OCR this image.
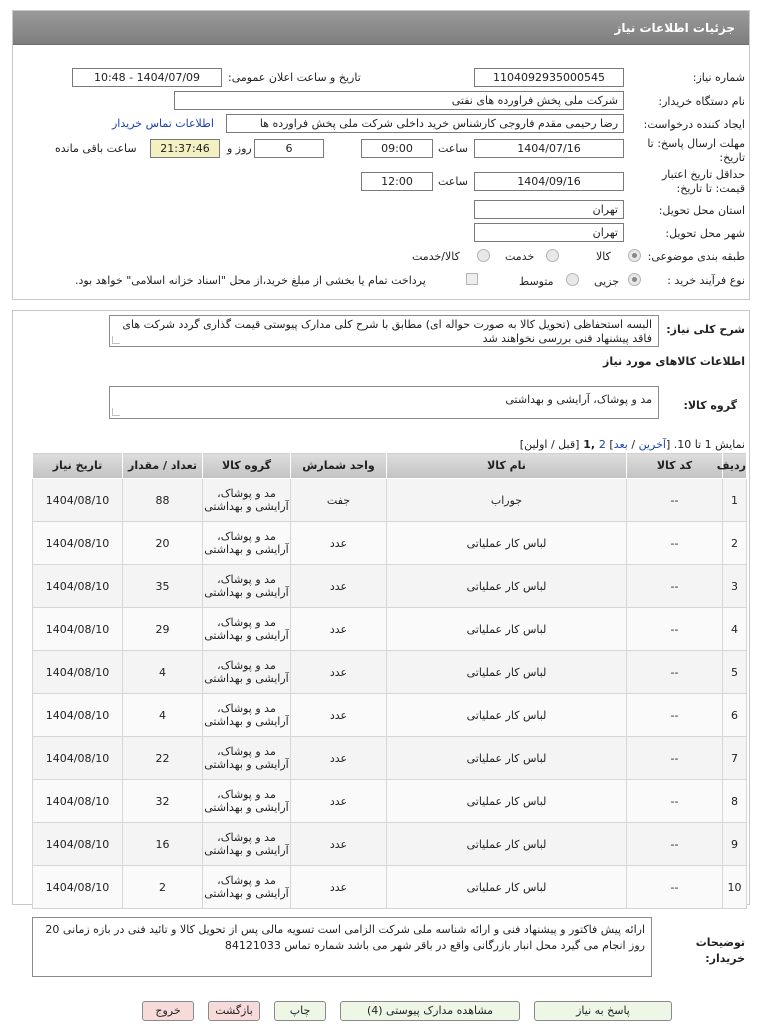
جزئیات اطلاعات نیاز
شماره نیاز:
1104092935000545
تاریخ و ساعت اعلان عمومی:
1404/07/09 - 10:48
نام دستگاه خریدار:
شرکت ملی پخش فراورده های نفتی
ایجاد کننده درخواست:
رضا رحیمی مقدم فاروجی کارشناس خرید داخلی شرکت ملی پخش فراورده ها
اطلاعات تماس خریدار
مهلت ارسال پاسخ: تا
تاریخ:
1404/07/16
ساعت
09:00
6
روز و
21:37:46
ساعت باقی مانده
حداقل تاریخ اعتبار
قیمت: تا تاریخ:
1404/09/16
ساعت
12:00
استان محل تحویل:
تهران
شهر محل تحویل:
تهران
طبقه بندی موضوعی:
کالا
خدمت
کالا/خدمت
نوع فرآیند خرید :
جزیی
متوسط
پرداخت تمام یا بخشی از مبلغ خرید،از محل "اسناد خزانه اسلامی" خواهد بود.
شرح کلی نیاز:
البسه استحفاظی (تحویل کالا به صورت حواله ای) مطابق با شرح کلی مدارک پیوستی قیمت گذاری گردد شرکت های فاقد پیشنهاد فنی بررسی نخواهند شد
اطلاعات کالاهای مورد نیاز
گروه کالا:
مد و پوشاک، آرایشی و بهداشتی
نمایش 1 تا 10. [آخرین / بعد] 2 ,1 [قبل / اولین]
ردیف	کد کالا	نام کالا	واحد شمارش	گروه کالا	تعداد / مقدار	تاریخ نیاز
1	--	جوراب	جفت	مد و پوشاک، آرایشی و بهداشتی	88	1404/08/10
2	--	لباس کار عملیاتی	عدد	مد و پوشاک، آرایشی و بهداشتی	20	1404/08/10
3	--	لباس کار عملیاتی	عدد	مد و پوشاک، آرایشی و بهداشتی	35	1404/08/10
4	--	لباس کار عملیاتی	عدد	مد و پوشاک، آرایشی و بهداشتی	29	1404/08/10
5	--	لباس کار عملیاتی	عدد	مد و پوشاک، آرایشی و بهداشتی	4	1404/08/10
6	--	لباس کار عملیاتی	عدد	مد و پوشاک، آرایشی و بهداشتی	4	1404/08/10
7	--	لباس کار عملیاتی	عدد	مد و پوشاک، آرایشی و بهداشتی	22	1404/08/10
8	--	لباس کار عملیاتی	عدد	مد و پوشاک، آرایشی و بهداشتی	32	1404/08/10
9	--	لباس کار عملیاتی	عدد	مد و پوشاک، آرایشی و بهداشتی	16	1404/08/10
10	--	لباس کار عملیاتی	عدد	مد و پوشاک، آرایشی و بهداشتی	2	1404/08/10
توضیحات
خریدار:
ارائه پیش فاکتور و پیشنهاد فنی و ارائه شناسه ملی شرکت الزامی است تسویه مالی پس از تحویل کالا و تائید فنی در بازه زمانی 20 روز انجام می گیرد محل انبار بازرگانی واقع در باقر شهر می باشد شماره تماس 84121033
پاسخ به نیاز
مشاهده مدارک پیوستی (4)
چاپ
بازگشت
خروج
